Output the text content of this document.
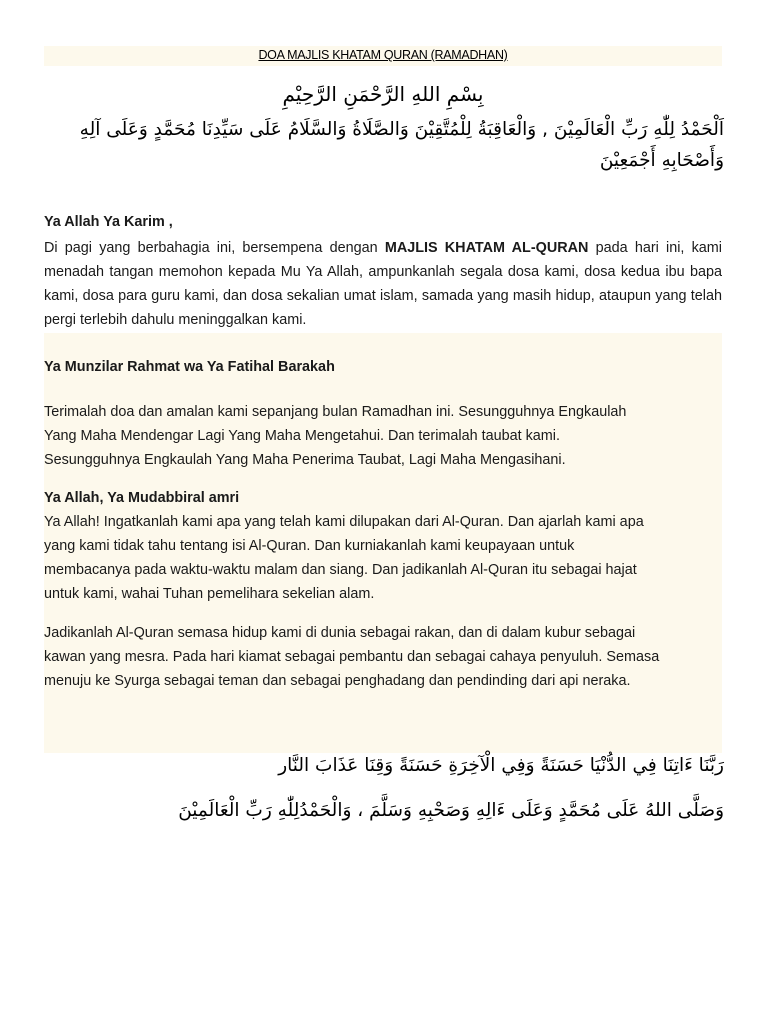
DOA MAJLIS KHATAM QURAN (RAMADHAN)
بِسْمِ اللهِ الرَّحْمَنِ الرَّحِيْمِ
اَلْحَمْدُ لِلّٰهِ رَبِّ الْعَالَمِيْنَ , وَالْعَاقِبَةُ لِلْمُتَّقِيْنَ وَالصَّلَاةُ وَالسَّلَامُ عَلَى سَيِّدِنَا مُحَمَّدٍ وَعَلَى آلِهِ وَأَصْحَابِهِ أَجْمَعِيْنَ
Ya Allah Ya Karim ,
Di pagi yang berbahagia ini, bersempena dengan MAJLIS KHATAM AL-QURAN pada hari ini, kami menadah tangan memohon kepada Mu Ya Allah, ampunkanlah segala dosa kami, dosa kedua ibu bapa kami, dosa para guru kami, dan dosa sekalian umat islam, samada yang masih hidup, ataupun yang telah pergi terlebih dahulu meninggalkan kami.
Ya Munzilar Rahmat wa Ya Fatihal Barakah
Terimalah doa dan amalan kami sepanjang bulan Ramadhan ini. Sesungguhnya Engkaulah
Yang Maha Mendengar Lagi Yang Maha Mengetahui. Dan terimalah taubat kami.
Sesungguhnya Engkaulah Yang Maha Penerima Taubat, Lagi Maha Mengasihani.
Ya Allah, Ya Mudabbiral amri
Ya Allah! Ingatkanlah kami apa yang telah kami dilupakan dari Al-Quran. Dan ajarlah kami apa
yang kami tidak tahu tentang isi Al-Quran. Dan kurniakanlah kami keupayaan untuk
membacanya pada waktu-waktu malam dan siang. Dan jadikanlah Al-Quran itu sebagai hajat
untuk kami, wahai Tuhan pemelihara sekelian alam.
Jadikanlah Al-Quran semasa hidup kami di dunia sebagai rakan, dan di dalam kubur sebagai
kawan yang mesra. Pada hari kiamat sebagai pembantu dan sebagai cahaya penyuluh. Semasa
menuju ke Syurga sebagai teman dan sebagai penghadang dan pendinding dari api neraka.
رَبَّنَا ءَاتِنَا فِي الدُّنْيَا حَسَنَةً وَفِي الْآخِرَةِ حَسَنَةً وَقِنَا عَذَابَ النَّار
وَصَلَّى اللهُ عَلَى مُحَمَّدٍ وَعَلَى ءَالِهِ وَصَحْبِهِ وَسَلَّمَ ، وَالْحَمْدُلِلّٰهِ رَبِّ الْعَالَمِيْنَ
